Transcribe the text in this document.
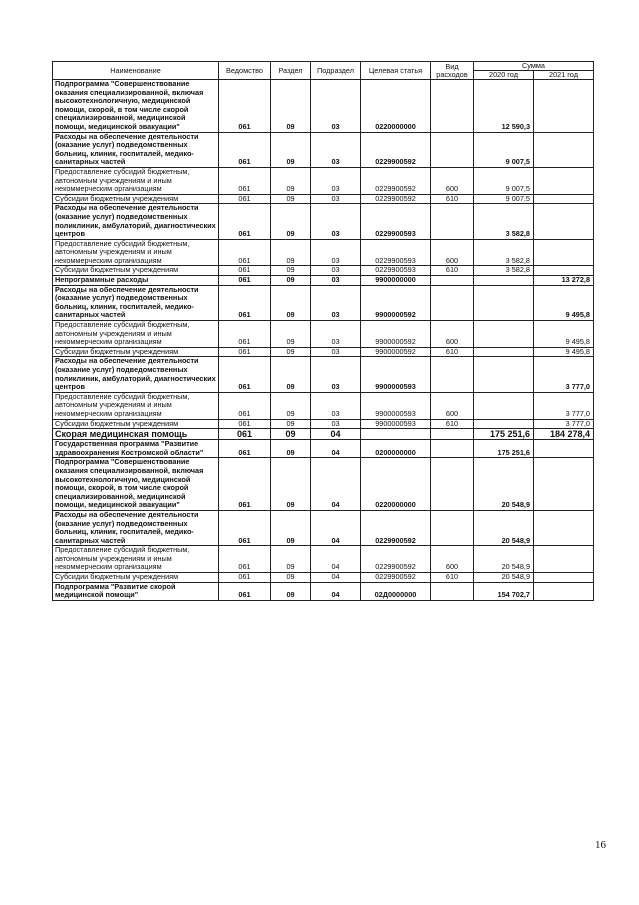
Наименование	Ведомство	Раздел	Подраздел	Целевая статья	Вид расходов	Сумма	
						2020 год	2021 год
Подпрограмма "Совершенствование оказания специализированной, включая высокотехнологичную, медицинской помощи, скорой, в том числе скорой специализированной, медицинской помощи, медицинской эвакуации"	061	09	03	0220000000		12 590,3	
Расходы на обеспечение деятельности (оказание услуг) подведомственных больниц, клиник, госпиталей, медико-санитарных частей	061	09	03	0229900592		9 007,5	
Предоставление субсидий бюджетным, автономным учреждениям и иным некоммерческим организациям	061	09	03	0229900592	600	9 007,5	
Субсидии бюджетным учреждениям	061	09	03	0229900592	610	9 007,5	
Расходы на обеспечение деятельности (оказание услуг) подведомственных поликлиник, амбулаторий, диагностических центров	061	09	03	0229900593		3 582,8	
Предоставление субсидий бюджетным, автономным учреждениям и иным некоммерческим организациям	061	09	03	0229900593	600	3 582,8	
Субсидии бюджетным учреждениям	061	09	03	0229900593	610	3 582,8	
Непрограммные расходы	061	09	03	9900000000			13 272,8
Расходы на обеспечение деятельности (оказание услуг) подведомственных больниц, клиник, госпиталей, медико-санитарных частей	061	09	03	9900000592			9 495,8
Предоставление субсидий бюджетным, автономным учреждениям и иным некоммерческим организациям	061	09	03	9900000592	600		9 495,8
Субсидии бюджетным учреждениям	061	09	03	9900000592	610		9 495,8
Расходы на обеспечение деятельности (оказание услуг) подведомственных поликлиник, амбулаторий, диагностических центров	061	09	03	9900000593			3 777,0
Предоставление субсидий бюджетным, автономным учреждениям и иным некоммерческим организациям	061	09	03	9900000593	600		3 777,0
Субсидии бюджетным учреждениям	061	09	03	9900000593	610		3 777,0
Скорая медицинская помощь	061	09	04			175 251,6	184 278,4
Государственная программа "Развитие здравоохранения Костромской области"	061	09	04	0200000000		175 251,6	
Подпрограмма "Совершенствование оказания специализированной, включая высокотехнологичную, медицинской помощи, скорой, в том числе скорой специализированной, медицинской помощи, медицинской эвакуации"	061	09	04	0220000000		20 548,9	
Расходы на обеспечение деятельности (оказание услуг) подведомственных больниц, клиник, госпиталей, медико-санитарных частей	061	09	04	0229900592		20 548,9	
Предоставление субсидий бюджетным, автономным учреждениям и иным некоммерческим организациям	061	09	04	0229900592	600	20 548,9	
Субсидии бюджетным учреждениям	061	09	04	0229900592	610	20 548,9	
Подпрограмма "Развитие скорой медицинской помощи"	061	09	04	02Д0000000		154 702,7	
16
